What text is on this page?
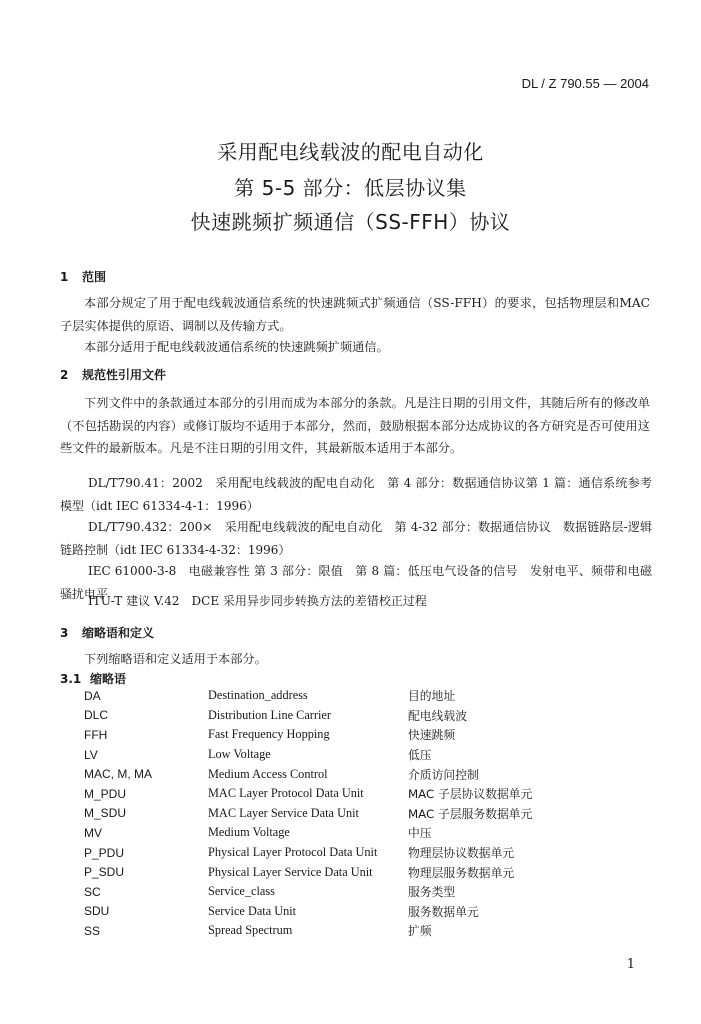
DL / Z 790.55 — 2004
采用配电线载波的配电自动化
第 5-5 部分：低层协议集
快速跳频扩频通信（SS-FFH）协议
1 范围
本部分规定了用于配电线载波通信系统的快速跳频式扩频通信（SS-FFH）的要求，包括物理层和MAC 子层实体提供的原语、调制以及传输方式。
本部分适用于配电线载波通信系统的快速跳频扩频通信。
2 规范性引用文件
下列文件中的条款通过本部分的引用而成为本部分的条款。凡是注日期的引用文件，其随后所有的修改单（不包括勘误的内容）或修订版均不适用于本部分，然而，鼓励根据本部分达成协议的各方研究是否可使用这些文件的最新版本。凡是不注日期的引用文件，其最新版本适用于本部分。
DL/T790.41：2002　采用配电线载波的配电自动化　第 4 部分：数据通信协议第 1 篇：通信系统参考模型（idt IEC 61334-4-1：1996）
DL/T790.432：200×　采用配电线载波的配电自动化　第 4-32 部分：数据通信协议　数据链路层-逻辑链路控制（idt IEC 61334-4-32：1996）
IEC 61000-3-8　电磁兼容性 第 3 部分：限值　第 8 篇：低压电气设备的信号　发射电平、频带和电磁骚扰电平
ITU-T 建议 V.42　DCE 采用异步同步转换方法的差错校正过程
3 缩略语和定义
下列缩略语和定义适用于本部分。
3.1 缩略语
DA	Destination_address	目的地址
DLC	Distribution Line Carrier	配电线载波
FFH	Fast Frequency Hopping	快速跳频
LV	Low Voltage	低压
MAC, M, MA	Medium Access Control	介质访问控制
M_PDU	MAC Layer Protocol Data Unit	MAC 子层协议数据单元
M_SDU	MAC Layer Service Data Unit	MAC 子层服务数据单元
MV	Medium Voltage	中压
P_PDU	Physical Layer Protocol Data Unit	物理层协议数据单元
P_SDU	Physical Layer Service Data Unit	物理层服务数据单元
SC	Service_class	服务类型
SDU	Service Data Unit	服务数据单元
SS	Spread Spectrum	扩频
1
